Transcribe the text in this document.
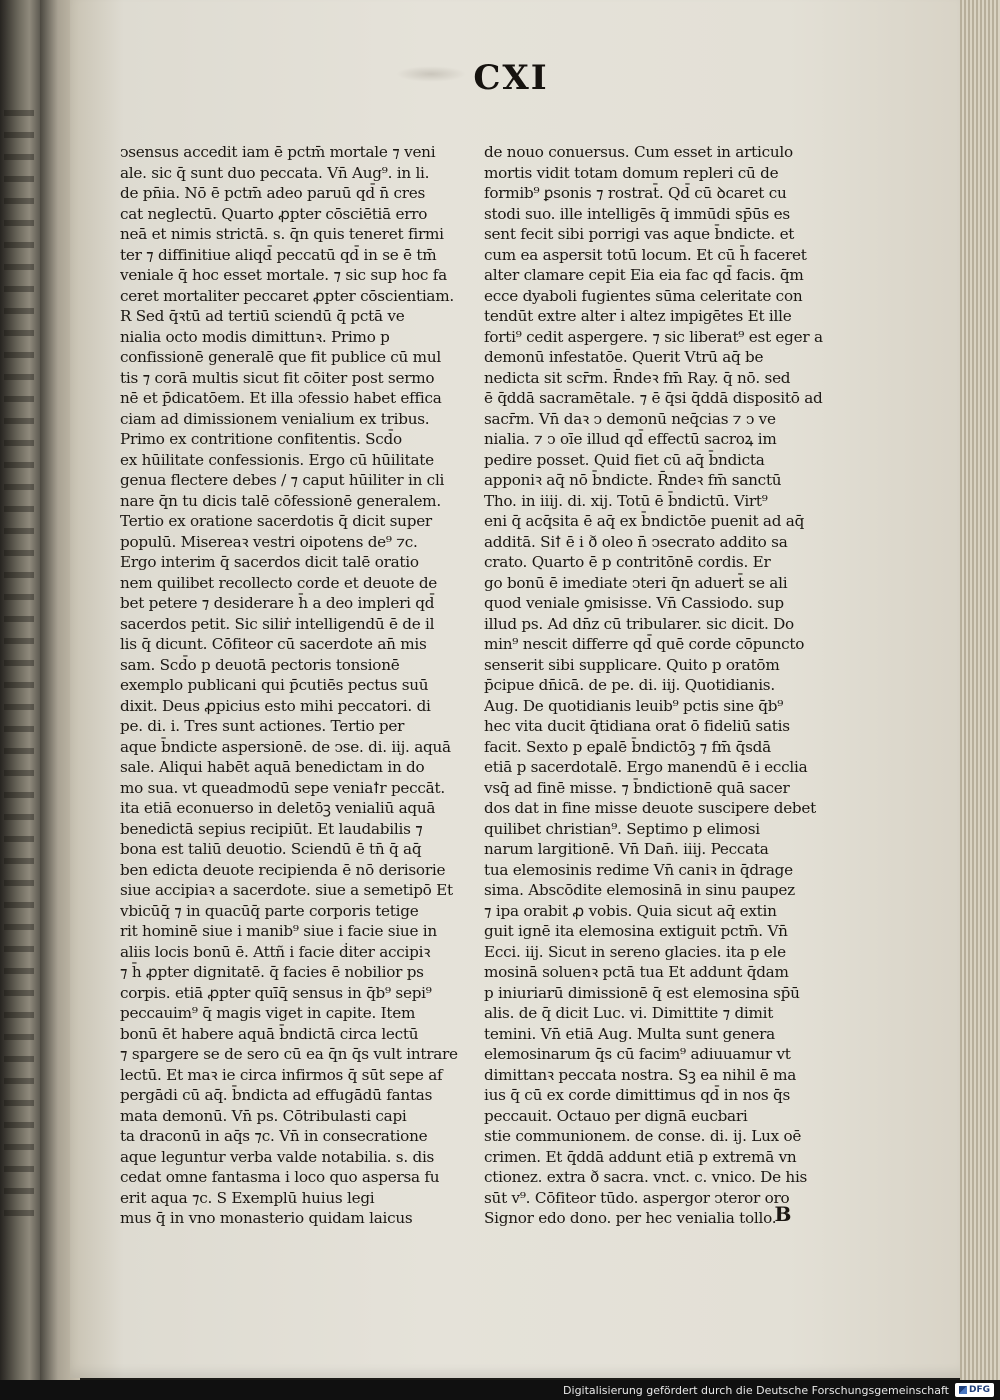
CXI
ↄsensus accedit iam ē pctm̄ mortale ⁊ veni
ale. sic q̄ sunt duo peccata. Vn̄ Aug⁹. in li.
de pn̄ia. Nō ē pctm̄ adeo paruū qd̄ n̄ cres
cat neglectū. Quarto ꝓpter cōsciētiā erro
neā et nimis strictā. s. q̄n quis teneret firmi
ter ⁊ diffinitiue aliqd̄ peccatū qd̄ in se ē tm̄
veniale q̄ hoc esset mortale. ⁊ sic sup hoc fa
ceret mortaliter peccaret ꝓpter cōscientiam.
R Sed q̄ꝛtū ad tertiū sciendū q̄ pctā ve
nialia octo modis dimittunꝛ. Primo p
confissionē generalē que fit publice cū mul
tis ⁊ corā multis sicut fit cōiter post sermo
nē et p̄dicatōem. Et illa ↄfessio habet effica
ciam ad dimissionem venialium ex tribus.
Primo ex contritione confitentis. Scd̄o
ex hūilitate confessionis. Ergo cū hūilitate
genua flectere debes / ⁊ caput hūiliter in cli
nare q̄n tu dicis talē cōfessionē generalem.
Tertio ex oratione sacerdotis q̄ dicit super
populū. Misereaꝛ vestri oipotens de⁹ ⁊c.
Ergo interim q̄ sacerdos dicit talē oratio
nem quilibet recollecto corde et deuote de
bet petere ⁊ desiderare h̄ a deo impleri qd̄
sacerdos petit. Sic siliṙ intelligendū ē de il
lis q̄ dicunt. Cōfiteor cū sacerdote an̄ mis
sam. Scd̄o p deuotā pectoris tonsionē
exemplo publicani qui p̄cutiēs pectus suū
dixit. Deus ꝓpicius esto mihi peccatori. di
pe. di. i. Tres sunt actiones. Tertio per
aque b̄ndicte aspersionē. de ↄse. di. iij. aquā
sale. Aliqui habēt aquā benedictam in do
mo sua. vt queadmodū sepe veniaꝉr peccāt.
ita etiā econuerso in deletōꝫ venialiū aquā
benedictā sepius recipiūt. Et laudabilis ⁊
bona est taliū deuotio. Sciendū ē tn̄ q̄ aq̄
ben edicta deuote recipienda ē nō derisorie
siue accipiaꝛ a sacerdote. siue a semetipō Et
vbicūq̄ ⁊ in quacūq̄ parte corporis tetige
rit hominē siue i manib⁹ siue i facie siue in
aliis locis bonū ē. Attñ i facie ḋiter accipiꝛ
⁊ h̄ ꝓpter dignitatē. q̄ facies ē nobilior ps
corpis. etiā ꝓpter quīq̄ sensus in q̄b⁹ sepi⁹
peccauim⁹ q̄ magis viget in capite. Item
bonū ēt habere aquā b̄ndictā circa lectū
⁊ spargere se de sero cū ea q̄n q̄s vult intrare
lectū. Et maꝛ ie circa infirmos q̄ sūt sepe af
pergādi cū aq̄. b̄ndicta ad effugādū fantas
mata demonū. Vn̄ ps. Cōtribulasti capi
ta draconū in aq̄s ⁊c. Vn̄ in consecratione
aque leguntur verba valde notabilia. s. dis
cedat omne fantasma i loco quo aspersa fu
erit aqua ⁊c. S Exemplū huius legi
mus q̄ in vno monasterio quidam laicus
de nouo conuersus. Cum esset in articulo
mortis vidit totam domum repleri cū de
formib⁹ ꝑsonis ⁊ rostrat̄. Qd̄ cū ꝺcaret cu
stodi suo. ille intelligēs q̄ immūdi sp̄ūs es
sent fecit sibi porrigi vas aque b̄ndicte. et
cum ea aspersit totū locum. Et cū h̄ faceret
alter clamare cepit Eia eia fac qd̄ facis. q̄m
ecce dyaboli fugientes sūma celeritate con
tendūt extre alter i altez impigētes Et ille
forti⁹ cedit aspergere. ⁊ sic liberat⁹ est eger a
demonū infestatōe. Querit Vtrū aq̄ be
nedicta sit scr̄m. R̄ndeꝛ fm̄ Ray. q̄ nō. sed
ē q̄ddā sacramētale. ⁊ ē q̄si q̄ddā dispositō ad
sacr̄m. Vn̄ daꝛ ↄ demonū neq̄cias ⁊ ↄ ve
nialia. ⁊ ↄ oīe illud qd̄ effectū sacroꝝ im
pedire posset. Quid fiet cū aq̄ b̄ndicta
apponiꝛ aq̄ nō b̄ndicte. R̄ndeꝛ fm̄ sanctū
Tho. in iiij. di. xij. Totū ē b̄ndictū. Virt⁹
eni q̄ acq̄sita ē aq̄ ex b̄ndictōe puenit ad aq̄
additā. Siꝉ ē i ð oleo n̄ ↄsecrato addito sa
crato. Quarto ē p contritōnē cordis. Er
go bonū ē imediate ↄteri q̄n aduert̄ se ali
quod veniale ꝯmisisse. Vn̄ Cassiodo. sup
illud ps. Ad dn̄z cū tribularer. sic dicit. Do
min⁹ nescit differre qd̄ quē corde cōpuncto
senserit sibi supplicare. Quito p oratōm
p̄cipue dn̄icā. de pe. di. iij. Quotidianis.
Aug. De quotidianis leuib⁹ pctis sine q̄b⁹
hec vita ducit q̄tidiana orat ō fideliū satis
facit. Sexto p eꝑalē b̄ndictōꝫ ⁊ fm̄ q̄sdā
etiā p sacerdotalē. Ergo manendū ē i ecclia
vsq̄ ad finē misse. ⁊ b̄ndictionē quā sacer
dos dat in fine misse deuote suscipere debet
quilibet christian⁹. Septimo p elimosi
narum largitionē. Vn̄ Dan̄. iiij. Peccata
tua elemosinis redime Vn̄ caniꝛ in q̄drage
sima. Abscōdite elemosinā in sinu paupez
⁊ ipa orabit ꝓ vobis. Quia sicut aq̄ extin
guit ignē ita elemosina extiguit pctm̄. Vn̄
Ecci. iij. Sicut in sereno glacies. ita p ele
mosinā soluenꝛ pctā tua Et addunt q̄dam
p iniuriarū dimissionē q̄ est elemosina sp̄ū
alis. de q̄ dicit Luc. vi. Dimittite ⁊ dimit
temini. Vn̄ etiā Aug. Multa sunt genera
elemosinarum q̄s cū facim⁹ adiuuamur vt
dimittanꝛ peccata nostra. Sꝫ ea nihil ē ma
ius q̄ cū ex corde dimittimus qd̄ in nos q̄s
peccauit. Octauo per dignā eucbari
stie communionem. de conse. di. ij. Lux oē
crimen. Et q̄ddā addunt etiā p extremā vn
ctionez. extra ð sacra. vnct. c. vnico. De his
sūt v⁹. Cōfiteor tūdo. aspergor ↄteror oro
Signor edo dono. per hec venialia tollo.
B
Digitalisierung gefördert durch die Deutsche Forschungsgemeinschaft	DFG
